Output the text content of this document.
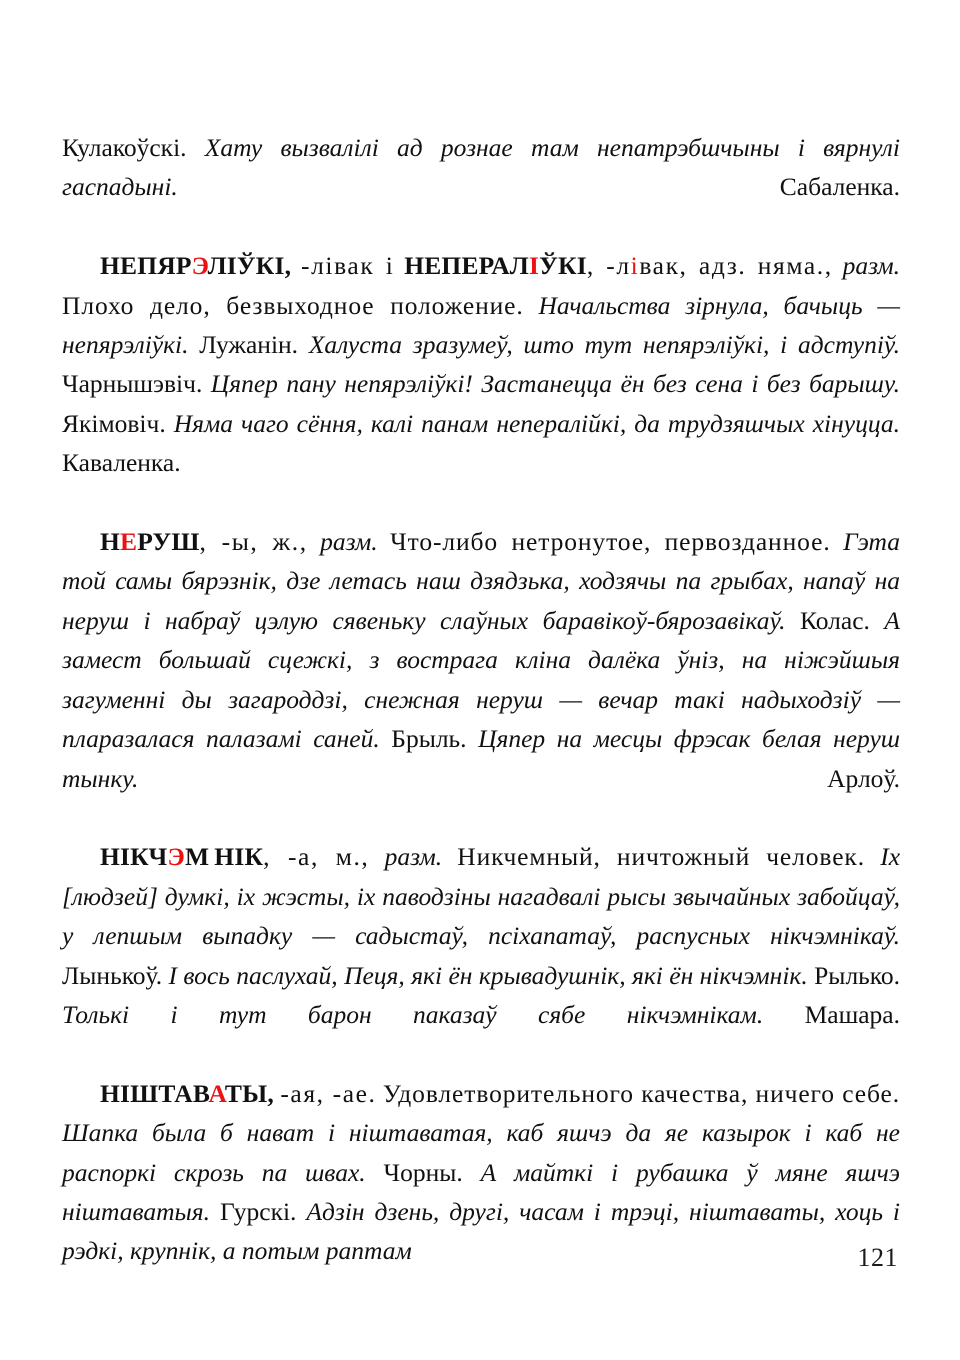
Кулакоўскі. Хату вызвалілі ад рознае там непатрэбшчыны і вярнулі гаспадыні.	Сабаленка.

НЕПЯРЭЛІЎКІ, -лівак і НЕПЕРАЛІЎКІ, -лівак, адз. няма., разм. Плохо дело, безвыходное положение. Начальства зірнула, бачыць — непярэліўкі. Лужанін. Халуста зразумеў, што тут непярэліўкі, і адступіў. Чарнышэвіч. Цяпер пану непярэліўкі! Застанецца ён без сена і без барышу. Якімовіч. Няма чаго сёння, калі панам непералійкі, да трудзяшчых хінуцца. Каваленка.

НЕРУШ, -ы, ж., разм. Что-либо нетронутое, первозданное. Гэта той самы бярэзнік, дзе летась наш дзядзька, ходзячы па грыбах, напаў на неруш і набраў цэлую сявеньку слаўных баравікоў-бярозавікаў. Колас. А замест большай сцежкі, з вострага кліна далёка ўніз, на ніжэйшыя загуменні ды загароддзі, снежная неруш — вечар такі надыходзіў — пларазалася палазамі саней. Брыль. Цяпер на месцы фрэсак белая неруш тынку.	Арлоў.

НІКЧЭМ НІК, -а, м., разм. Никчемный, ничтожный человек. Іх [людзей] думкі, іх жэсты, іх паводзіны нагадвалі рысы звычайных забойцаў, у лепшым выпадку — садыстаў, псіхапатаў, распусных нікчэмнікаў. Лынькоў. І вось паслухай, Пеця, які ён крывадушнік, які ён нікчэмнік. Рылько. Толькі і тут барон паказаў сябе нікчэмнікам. Машара.

НІШТАВАТЫ, -ая, -ае. Удовлетворительного качества, ничего себе. Шапка была б нават і ніштаватая, каб яшчэ да яе казырок і каб не распоркі скрозь па швах. Чорны. А майткі і рубашка ў мяне яшчэ ніштаватыя. Гурскі. Адзін дзень, другі, часам і трэці, ніштаваты, хоць і рэдкі, крупнік, а потым раптам	121
